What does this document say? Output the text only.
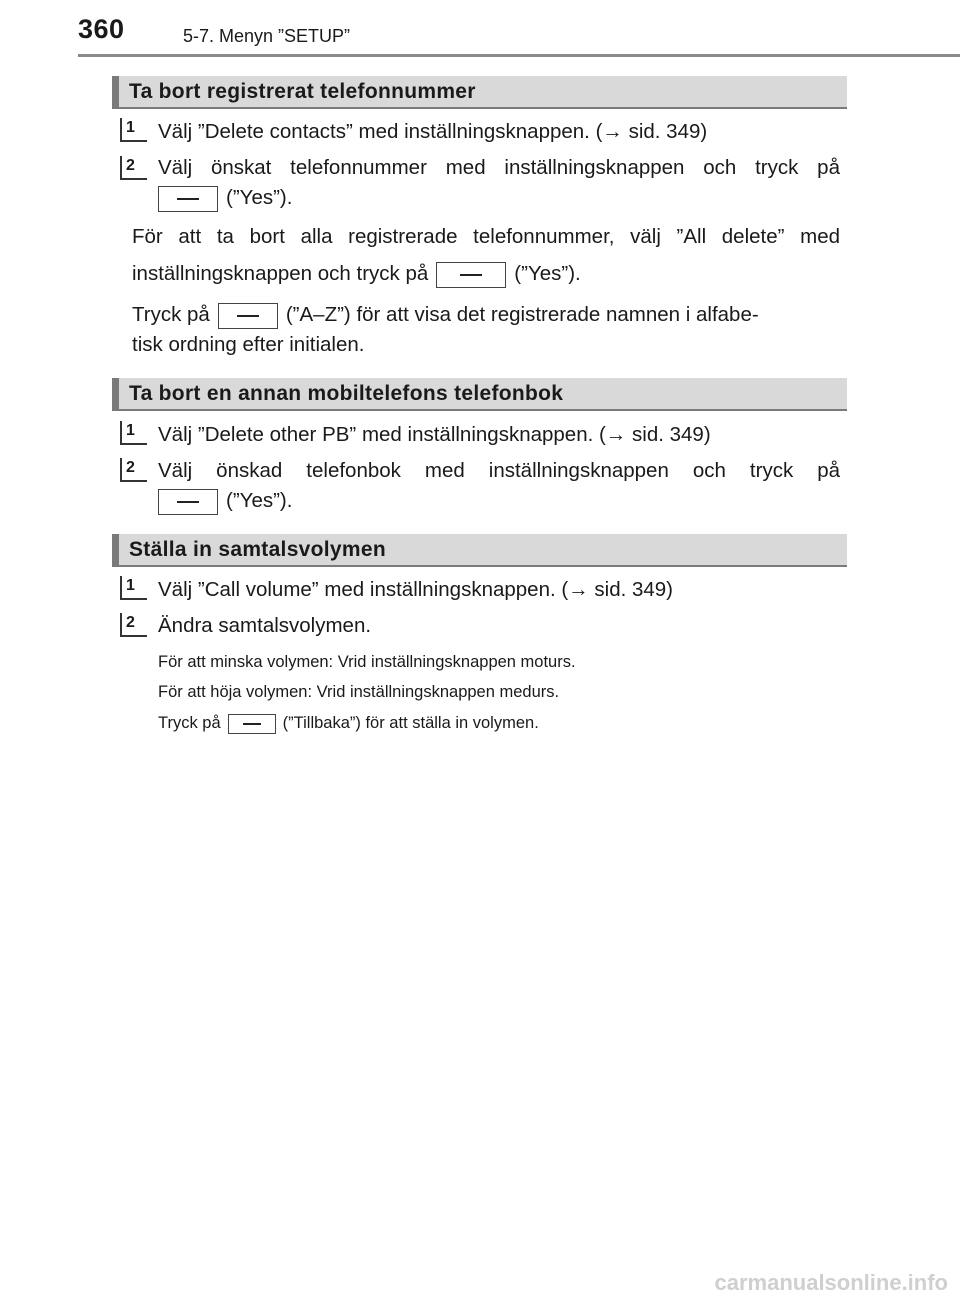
360	5-7. Menyn ”SETUP”
Ta bort registrerat telefonnummer
1	Välj ”Delete contacts” med inställningsknappen. (→ sid. 349)
2	Välj önskat telefonnummer med inställningsknappen och tryck på
(”Yes”).
För att ta bort alla registrerade telefonnummer, välj ”All delete” med
inställningsknappen och tryck på	(”Yes”).
Tryck på	(”A–Z”) för att visa det registrerade namnen i alfabe-
tisk ordning efter initialen.
Ta bort en annan mobiltelefons telefonbok
1	Välj ”Delete other PB” med inställningsknappen. (→ sid. 349)
2	Välj önskad telefonbok med inställningsknappen och tryck på
(”Yes”).
Ställa in samtalsvolymen
1	Välj ”Call volume” med inställningsknappen. (→ sid. 349)
2	Ändra samtalsvolymen.
För att minska volymen: Vrid inställningsknappen moturs.
För att höja volymen: Vrid inställningsknappen medurs.
Tryck på	(”Tillbaka”) för att ställa in volymen.
carmanualsonline.info
